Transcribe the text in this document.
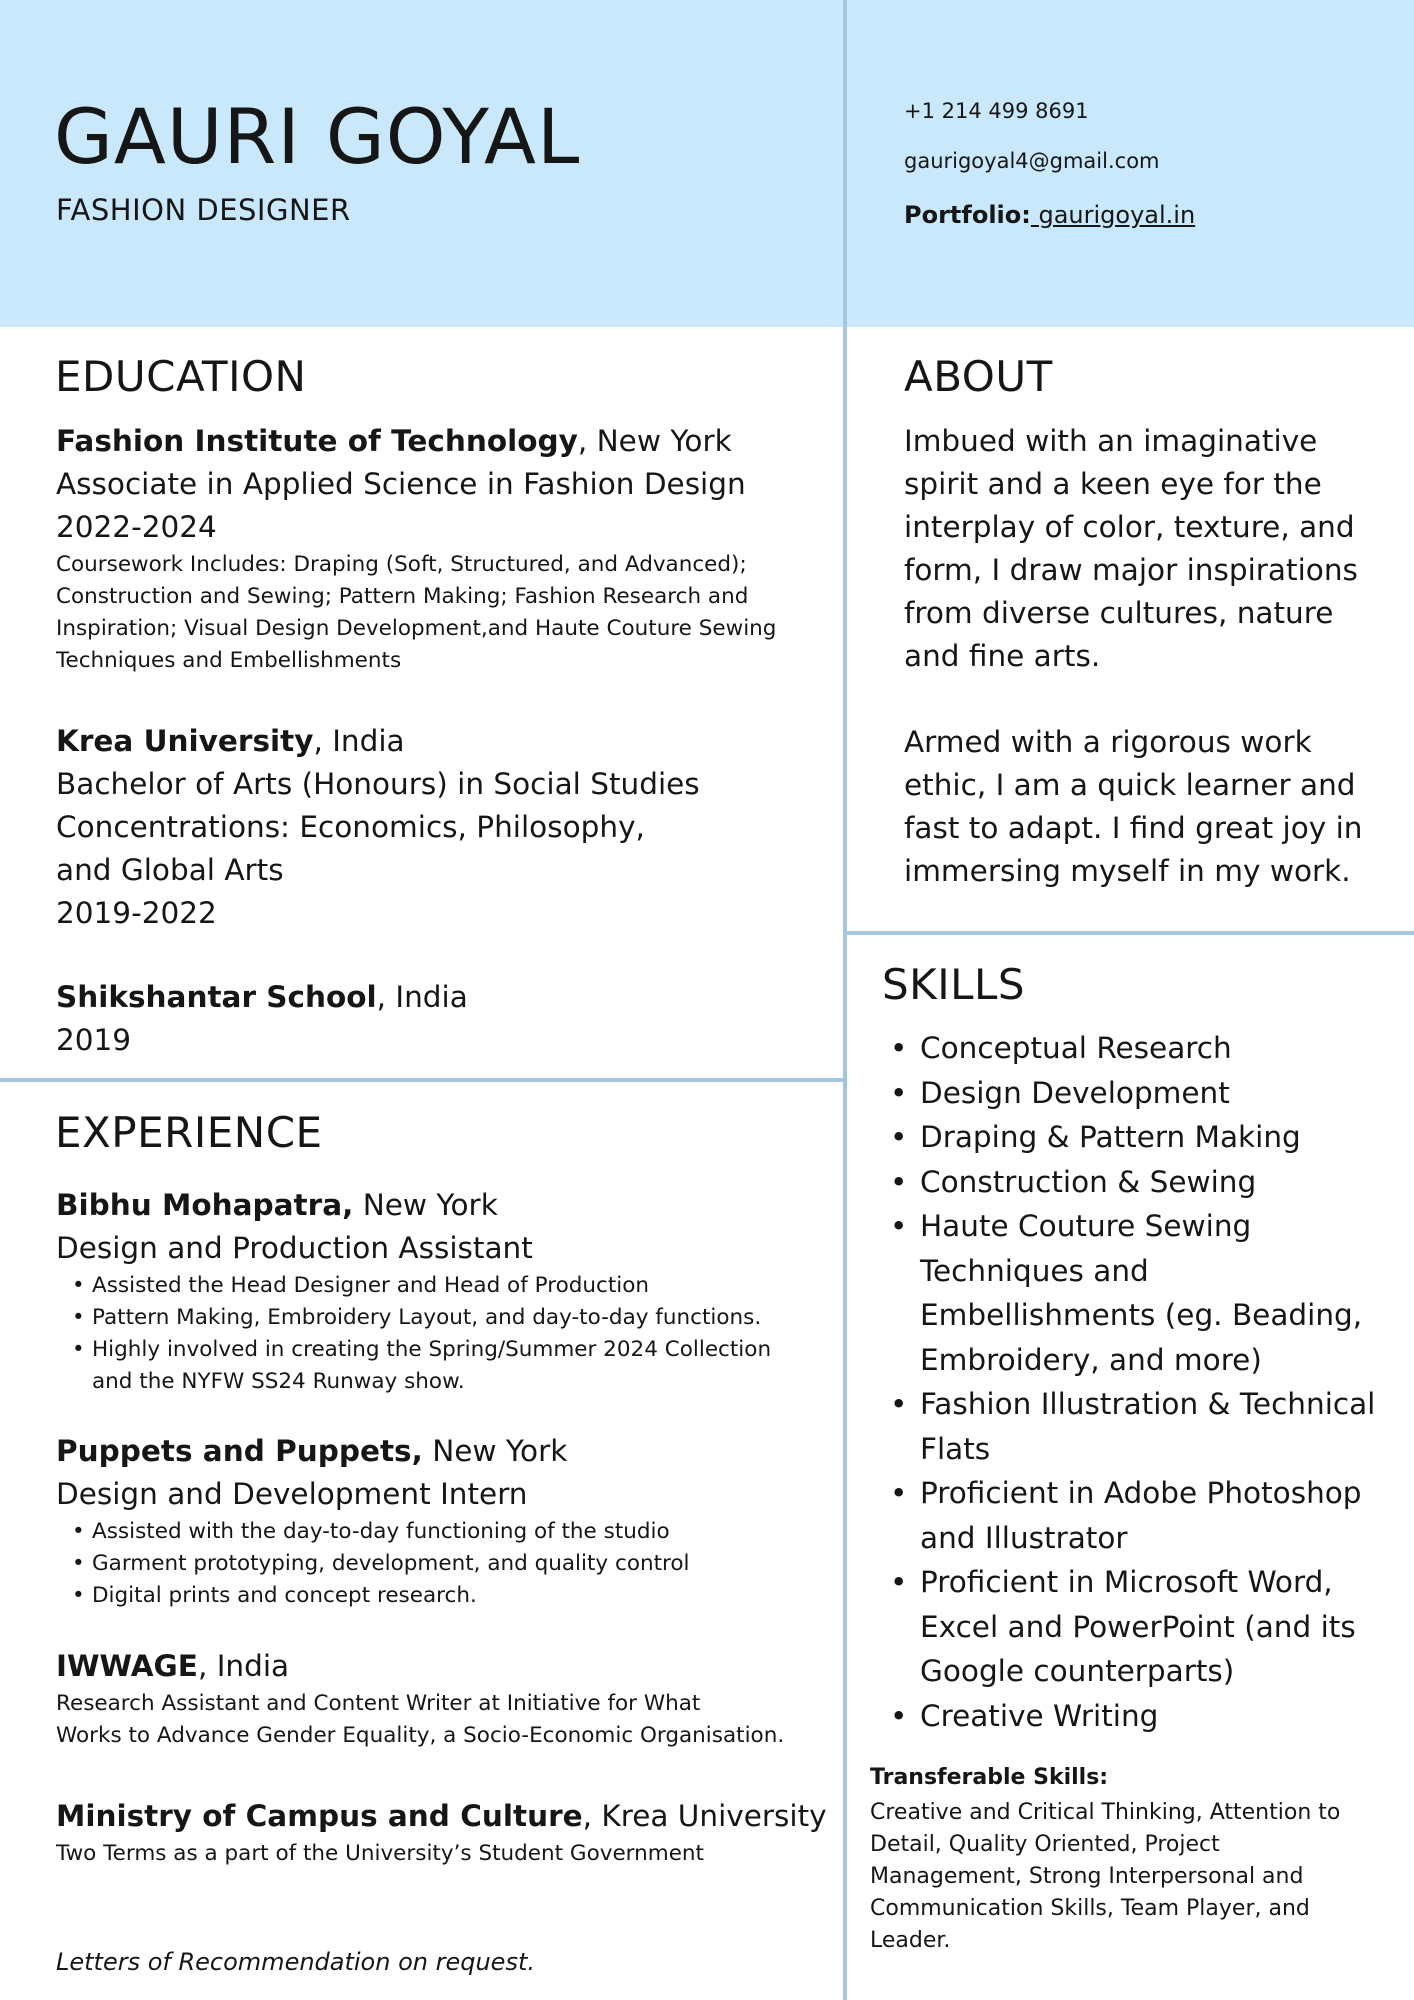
GAURI GOYAL
FASHION DESIGNER
+1 214 499 8691
gaurigoyal4@gmail.com
Portfolio: gaurigoyal.in
EDUCATION
Fashion Institute of Technology, New York
Associate in Applied Science in Fashion Design
2022-2024
Coursework Includes: Draping (Soft, Structured, and Advanced); Construction and Sewing; Pattern Making; Fashion Research and Inspiration; Visual Design Development,and Haute Couture Sewing Techniques and Embellishments
Krea University, India
Bachelor of Arts (Honours) in Social Studies
Concentrations: Economics, Philosophy,
and Global Arts
2019-2022
Shikshantar School, India
2019
EXPERIENCE
Bibhu Mohapatra, New York
Design and Production Assistant
• Assisted the Head Designer and Head of Production
• Pattern Making, Embroidery Layout, and day-to-day functions.
• Highly involved in creating the Spring/Summer 2024 Collection
and the NYFW SS24 Runway show.
Puppets and Puppets, New York
Design and Development Intern
• Assisted with the day-to-day functioning of the studio
• Garment prototyping, development, and quality control
• Digital prints and concept research.
IWWAGE, India
Research Assistant and Content Writer at Initiative for What
Works to Advance Gender Equality, a Socio-Economic Organisation.
Ministry of Campus and Culture, Krea University
Two Terms as a part of the University’s Student Government
ABOUT

Imbued with an imaginative spirit and a keen eye for the interplay of color, texture, and form, I draw major inspirations from diverse cultures, nature and fine arts.

Armed with a rigorous work ethic, I am a quick learner and fast to adapt. I find great joy in immersing myself in my work.

SKILLS
• Conceptual Research
• Design Development
• Draping & Pattern Making
• Construction & Sewing
• Haute Couture Sewing Techniques and Embellishments (eg. Beading, Embroidery, and more)
• Fashion Illustration & Technical Flats
• Proficient in Adobe Photoshop and Illustrator
• Proficient in Microsoft Word, Excel and PowerPoint (and its Google counterparts)
• Creative Writing
Transferable Skills:
Creative and Critical Thinking, Attention to Detail, Quality Oriented, Project Management, Strong Interpersonal and Communication Skills, Team Player, and Leader.
Letters of Recommendation on request.
